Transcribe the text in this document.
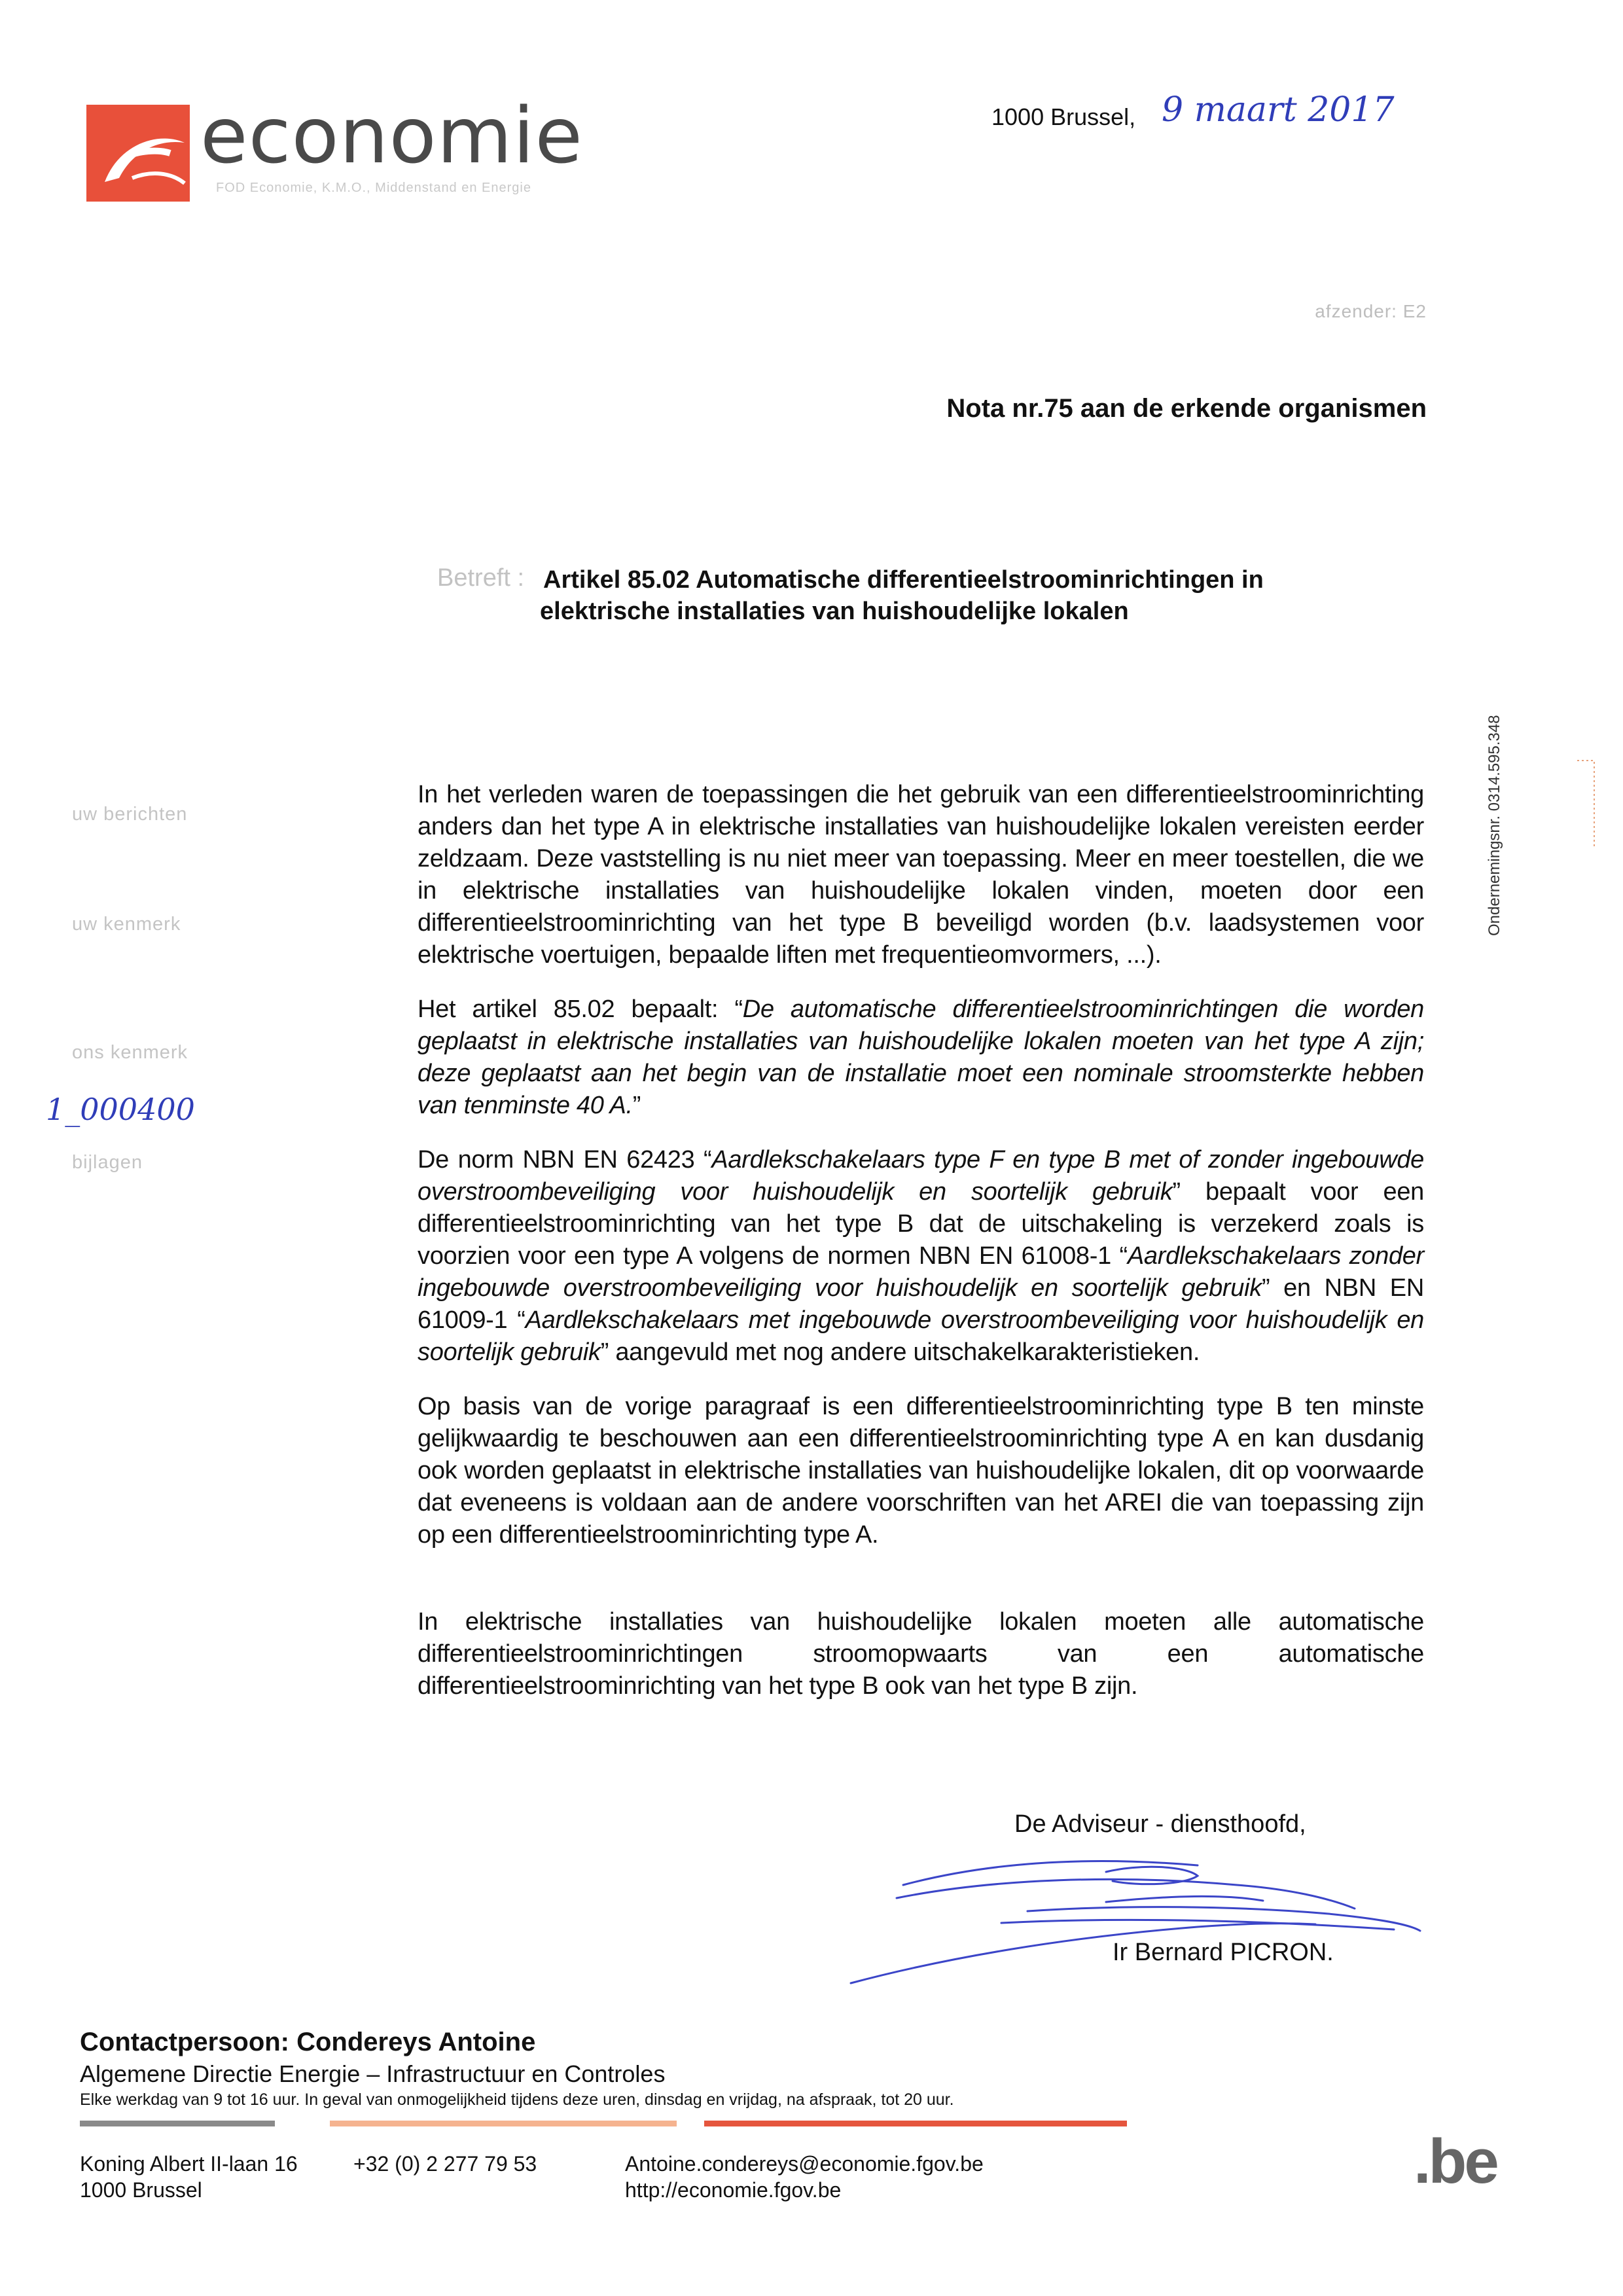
economie
FOD Economie, K.M.O., Middenstand en Energie
1000 Brussel, 9 maart 2017
afzender: E2
Nota nr.75 aan de erkende organismen
Betreft : Artikel 85.02 Automatische differentieelstroominrichtingen in
elektrische installaties van huishoudelijke lokalen
uw berichten
uw kenmerk
ons kenmerk
1_000400
bijlagen
Ondernemingsnr. 0314.595.348

In het verleden waren de toepassingen die het gebruik van een differentieelstroominrichting anders dan het type A in elektrische installaties van huishoudelijke lokalen vereisten eerder zeldzaam. Deze vaststelling is nu niet meer van toepassing. Meer en meer toestellen, die we in elektrische installaties van huishoudelijke lokalen vinden, moeten door een differentieelstroominrichting van het type B beveiligd worden (b.v. laadsystemen voor elektrische voertuigen, bepaalde liften met frequentieomvormers, ...).

Het artikel 85.02 bepaalt: “De automatische differentieelstroominrichtingen die worden geplaatst in elektrische installaties van huishoudelijke lokalen moeten van het type A zijn; deze geplaatst aan het begin van de installatie moet een nominale stroomsterkte hebben van tenminste 40 A.”

De norm NBN EN 62423 “Aardlekschakelaars type F en type B met of zonder ingebouwde overstroombeveiliging voor huishoudelijk en soortelijk gebruik” bepaalt voor een differentieelstroominrichting van het type B dat de uitschakeling is verzekerd zoals is voorzien voor een type A volgens de normen NBN EN 61008-1 “Aardlekschakelaars zonder ingebouwde overstroombeveiliging voor huishoudelijk en soortelijk gebruik” en NBN EN 61009-1 “Aardlekschakelaars met ingebouwde overstroombeveiliging voor huishoudelijk en soortelijk gebruik” aangevuld met nog andere uitschakelkarakteristieken.

Op basis van de vorige paragraaf is een differentieelstroominrichting type B ten minste gelijkwaardig te beschouwen aan een differentieelstroominrichting type A en kan dusdanig ook worden geplaatst in elektrische installaties van huishoudelijke lokalen, dit op voorwaarde dat eveneens is voldaan aan de andere voorschriften van het AREI die van toepassing zijn op een differentieelstroominrichting type A.

In elektrische installaties van huishoudelijke lokalen moeten alle automatische differentieelstroominrichtingen stroomopwaarts van een automatische differentieelstroominrichting van het type B ook van het type B zijn.

De Adviseur - diensthoofd,
Ir Bernard PICRON.
Contactpersoon: Condereys Antoine
Algemene Directie Energie – Infrastructuur en Controles
Elke werkdag van 9 tot 16 uur. In geval van onmogelijkheid tijdens deze uren, dinsdag en vrijdag, na afspraak, tot 20 uur.
Koning Albert II-laan 16
1000 Brussel
+32 (0) 2 277 79 53	Antoine.condereys@economie.fgov.be
http://economie.fgov.be	.be
